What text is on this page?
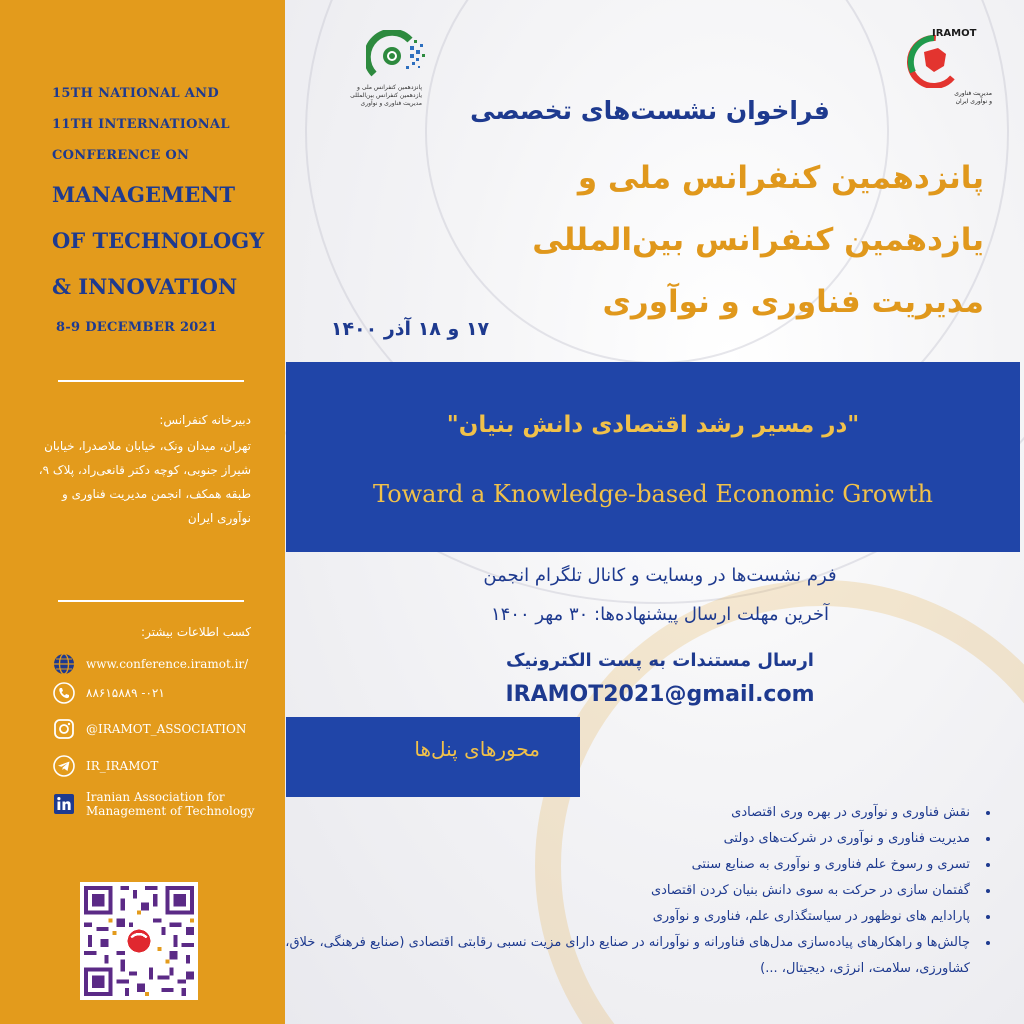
15TH NATIONAL AND
11TH INTERNATIONAL
CONFERENCE ON
MANAGEMENT
OF TECHNOLOGY
& INNOVATION
8-9 DECEMBER 2021
دبیرخانه کنفرانس:
تهران، میدان ونک، خیابان ملاصدرا، خیابان شیراز جنوبی، کوچه دکتر قانعی‌راد، پلاک ۹، طبقه همکف، انجمن مدیریت فناوری و نوآوری ایران
کسب اطلاعات بیشتر:
www.conference.iramot.ir/
۰۲۱- ۸۸۶۱۵۸۸۹
@IRAMOT_ASSOCIATION
IR_IRAMOT
Iranian Association for
Management of Technology
پانزدهمین کنفرانس ملی و
یازدهمین کنفرانس بین‌المللی
مدیریت فناوری و نوآوری
IRAMOT
مدیریت فناوری
و نوآوری ایران
فراخوان نشست‌های تخصصی
پانزدهمین کنفرانس ملی و
یازدهمین کنفرانس بین‌المللی
مدیریت فناوری و نوآوری
۱۷ و ۱۸ آذر ۱۴۰۰
"در مسیر رشد اقتصادی دانش بنیان"
Toward a Knowledge-based Economic Growth
فرم نشست‌ها در وبسایت و کانال تلگرام انجمن
آخرین مهلت ارسال پیشنهاده‌ها: ۳۰ مهر ۱۴۰۰
ارسال مستندات به پست الکترونیک
IRAMOT2021@gmail.com
محورهای پنل‌ها
• نقش فناوری و نوآوری در بهره وری اقتصادی
• مدیریت فناوری و نوآوری در شرکت‌های دولتی
• تسری و رسوخ علم فناوری و نوآوری به صنایع سنتی
• گفتمان سازی در حرکت به سوی دانش بنیان کردن اقتصادی
• پارادایم های نوظهور در سیاستگذاری علم، فناوری و نوآوری
• چالش‌ها و راهکارهای پیاده‌سازی مدل‌های فناورانه و نوآورانه در صنایع دارای مزیت نسبی رقابتی اقتصادی (صنایع فرهنگی، خلاق، کشاورزی، سلامت، انرژی، دیجیتال، ...)
